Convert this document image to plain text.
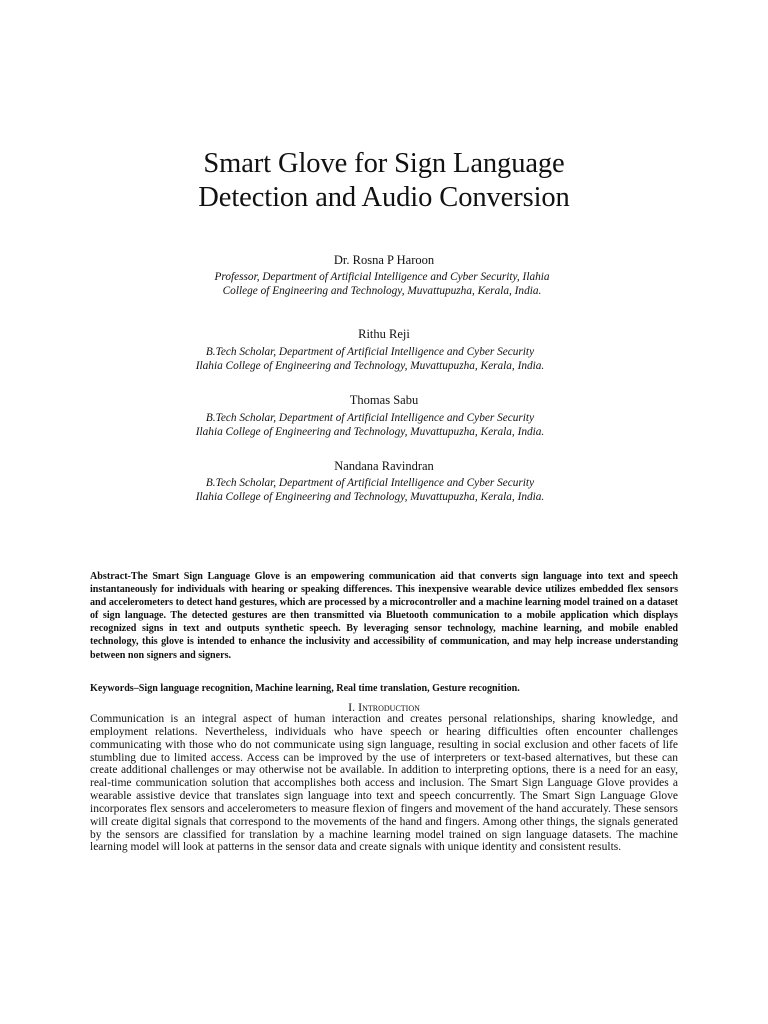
Smart Glove for Sign Language
Detection and Audio Conversion
Dr. Rosna P Haroon
Professor, Department of Artificial Intelligence and Cyber Security, Ilahia
College of Engineering and Technology, Muvattupuzha, Kerala, India.
Rithu Reji
B.Tech Scholar, Department of Artificial Intelligence and Cyber Security
Ilahia College of Engineering and Technology, Muvattupuzha, Kerala, India.
Thomas Sabu
B.Tech Scholar, Department of Artificial Intelligence and Cyber Security
Ilahia College of Engineering and Technology, Muvattupuzha, Kerala, India.
Nandana Ravindran
B.Tech Scholar, Department of Artificial Intelligence and Cyber Security
Ilahia College of Engineering and Technology, Muvattupuzha, Kerala, India.

Abstract-The Smart Sign Language Glove is an empowering communication aid that converts sign language into text and speech instantaneously for individuals with hearing or speaking differences. This inexpensive wearable device utilizes embedded flex sensors and accelerometers to detect hand gestures, which are processed by a microcontroller and a machine learning model trained on a dataset of sign language. The detected gestures are then transmitted via Bluetooth communication to a mobile application which displays recognized signs in text and outputs synthetic speech. By leveraging sensor technology, machine learning, and mobile enabled technology, this glove is intended to enhance the inclusivity and accessibility of communication, and may help increase understanding between non signers and signers.

Keywords–Sign language recognition, Machine learning, Real time translation, Gesture recognition.

I. Introduction

Communication is an integral aspect of human interaction and creates personal relationships, sharing knowledge, and employment relations. Nevertheless, individuals who have speech or hearing difficulties often encounter challenges communicating with those who do not communicate using sign language, resulting in social exclusion and other facets of life stumbling due to limited access. Access can be improved by the use of interpreters or text-based alternatives, but these can create additional challenges or may otherwise not be available. In addition to interpreting options, there is a need for an easy, real-time communication solution that accomplishes both access and inclusion. The Smart Sign Language Glove provides a wearable assistive device that translates sign language into text and speech concurrently. The Smart Sign Language Glove incorporates flex sensors and accelerometers to measure flexion of fingers and movement of the hand accurately. These sensors will create digital signals that correspond to the movements of the hand and fingers. Among other things, the signals generated by the sensors are classified for translation by a machine learning model trained on sign language datasets. The machine learning model will look at patterns in the sensor data and create signals with unique identity and consistent results.
